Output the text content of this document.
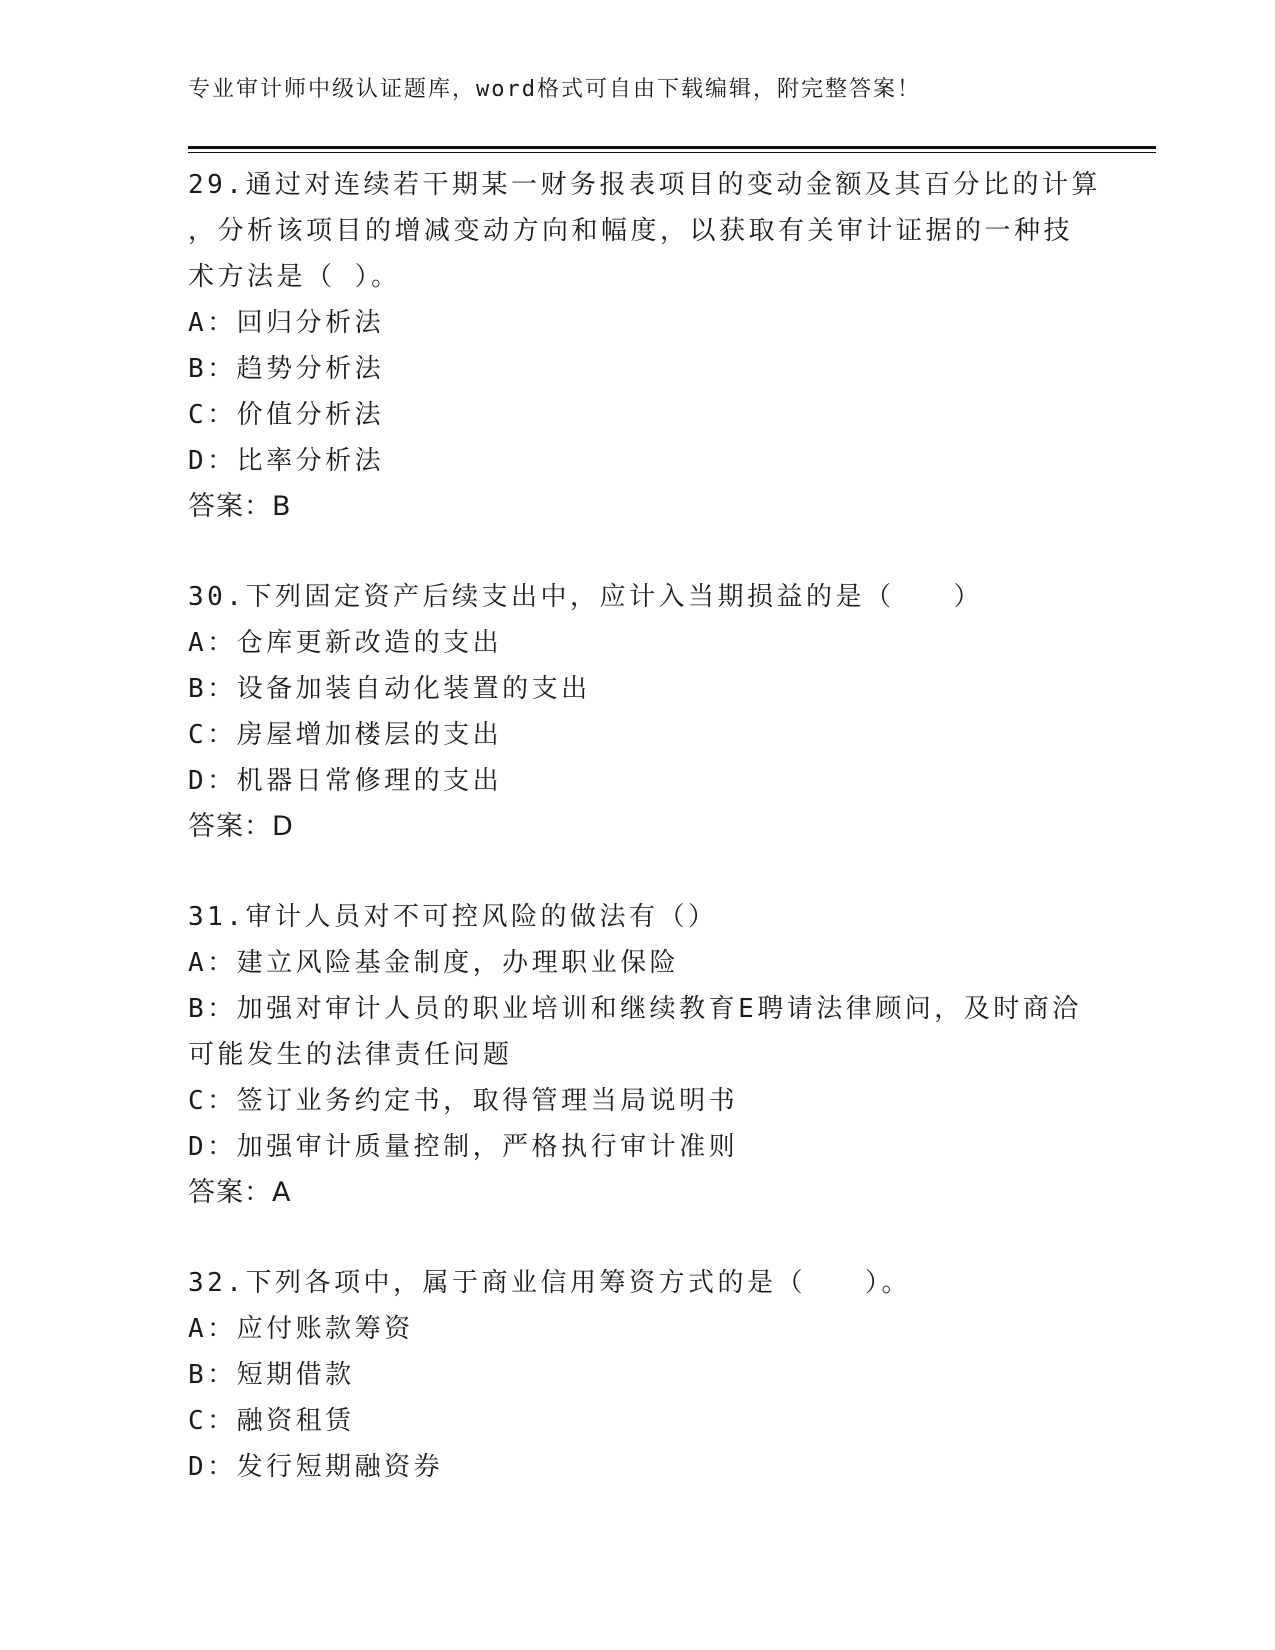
专业审计师中级认证题库，word格式可自由下载编辑，附完整答案！
29.通过对连续若干期某一财务报表项目的变动金额及其百分比的计算
，分析该项目的增减变动方向和幅度，以获取有关审计证据的一种技
术方法是（ ）。
A：回归分析法
B：趋势分析法
C：价值分析法
D：比率分析法
答案：B
30.下列固定资产后续支出中，应计入当期损益的是（　　）
A：仓库更新改造的支出
B：设备加装自动化装置的支出
C：房屋增加楼层的支出
D：机器日常修理的支出
答案：D
31.审计人员对不可控风险的做法有（）
A：建立风险基金制度，办理职业保险
B：加强对审计人员的职业培训和继续教育E聘请法律顾问，及时商洽
可能发生的法律责任问题
C：签订业务约定书，取得管理当局说明书
D：加强审计质量控制，严格执行审计准则
答案：A
32.下列各项中，属于商业信用筹资方式的是（　　）。
A：应付账款筹资
B：短期借款
C：融资租赁
D：发行短期融资券
